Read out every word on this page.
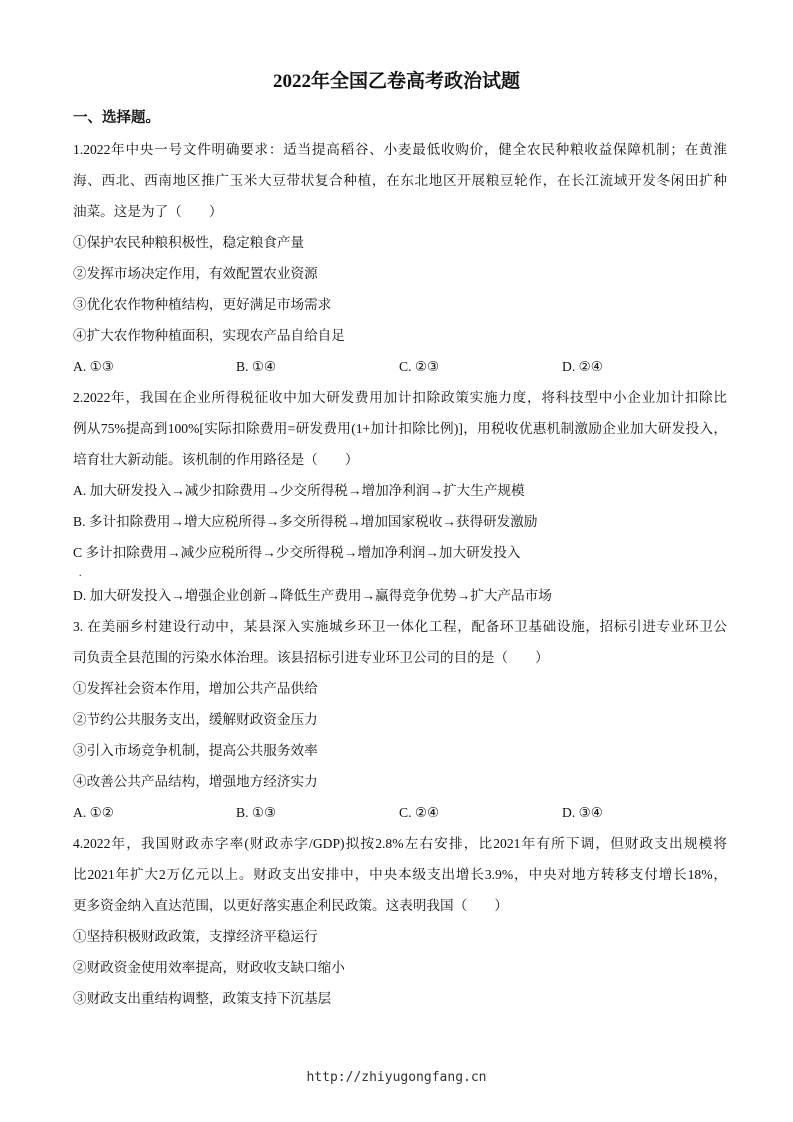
2022年全国乙卷高考政治试题
一、选择题。
1.2022年中央一号文件明确要求：适当提高稻谷、小麦最低收购价，健全农民种粮收益保障机制；在黄淮
海、西北、西南地区推广玉米大豆带状复合种植，在东北地区开展粮豆轮作，在长江流域开发冬闲田扩种
油菜。这是为了（　　）
①保护农民种粮积极性，稳定粮食产量
②发挥市场决定作用，有效配置农业资源
③优化农作物种植结构，更好满足市场需求
④扩大农作物种植面积，实现农产品自给自足
A. ①③	B. ①④	C. ②③	D. ②④
2.2022年，我国在企业所得税征收中加大研发费用加计扣除政策实施力度，将科技型中小企业加计扣除比
例从75%提高到100%[实际扣除费用=研发费用(1+加计扣除比例)]，用税收优惠机制激励企业加大研发投入，
培育壮大新动能。该机制的作用路径是（　　）
A. 加大研发投入→减少扣除费用→少交所得税→增加净利润→扩大生产规模
B. 多计扣除费用→增大应税所得→多交所得税→增加国家税收→获得研发激励
C 多计扣除费用→减少应税所得→少交所得税→增加净利润→加大研发投入
.
D. 加大研发投入→增强企业创新→降低生产费用→赢得竞争优势→扩大产品市场
3. 在美丽乡村建设行动中，某县深入实施城乡环卫一体化工程，配备环卫基础设施，招标引进专业环卫公
司负责全县范围的污染水体治理。该县招标引进专业环卫公司的目的是（　　）
①发挥社会资本作用，增加公共产品供给
②节约公共服务支出，缓解财政资金压力
③引入市场竞争机制，提高公共服务效率
④改善公共产品结构，增强地方经济实力
A. ①②	B. ①③	C. ②④	D. ③④
4.2022年，我国财政赤字率(财政赤字/GDP)拟按2.8%左右安排，比2021年有所下调，但财政支出规模将
比2021年扩大2万亿元以上。财政支出安排中，中央本级支出增长3.9%，中央对地方转移支付增长18%，
更多资金纳入直达范围，以更好落实惠企利民政策。这表明我国（　　）
①坚持积极财政政策，支撑经济平稳运行
②财政资金使用效率提高，财政收支缺口缩小
③财政支出重结构调整，政策支持下沉基层
http://zhiyugongfang.cn
